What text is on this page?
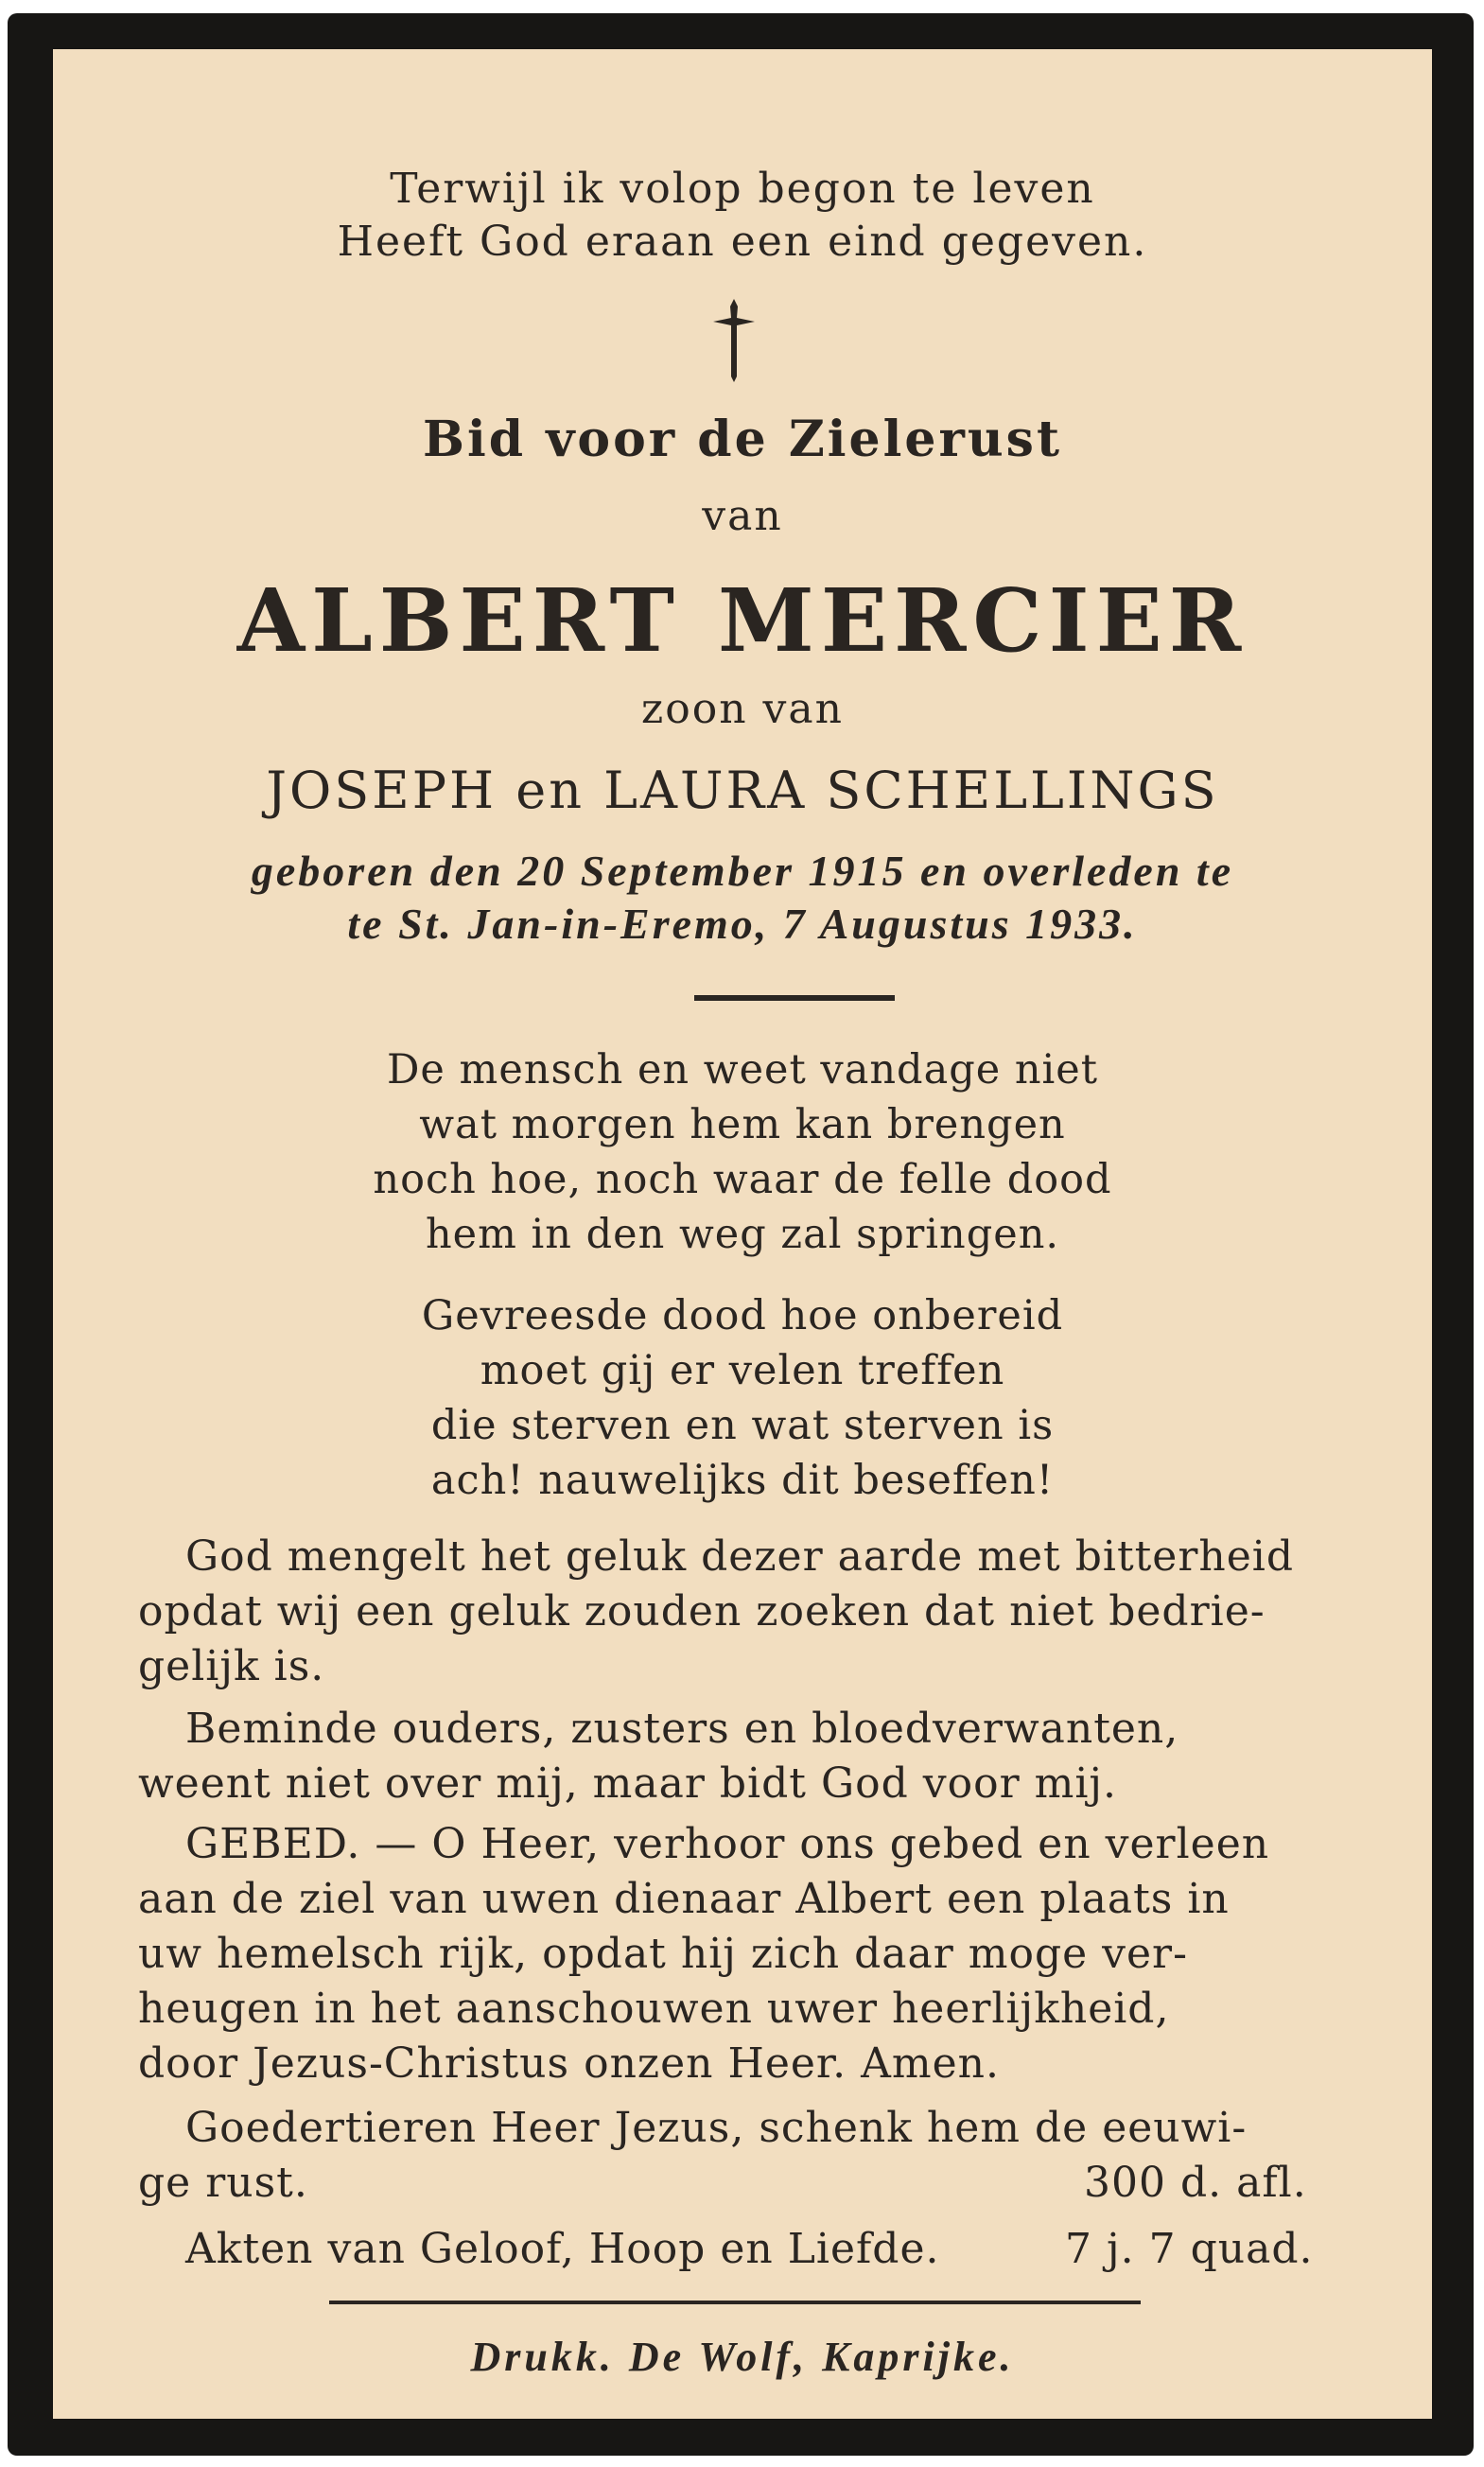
Terwijl ik volop begon te leven
Heeft God eraan een eind gegeven.
Bid voor de Zielerust
van
ALBERT MERCIER
zoon van
JOSEPH en LAURA SCHELLINGS
geboren den 20 September 1915 en overleden te
te St. Jan-in-Eremo, 7 Augustus 1933.
De mensch en weet vandage niet
wat morgen hem kan brengen
noch hoe, noch waar de felle dood
hem in den weg zal springen.
Gevreesde dood hoe onbereid
moet gij er velen treffen
die sterven en wat sterven is
ach! nauwelijks dit beseffen!
God mengelt het geluk dezer aarde met bitterheid
opdat wij een geluk zouden zoeken dat niet bedrie-
gelijk is.
Beminde ouders, zusters en bloedverwanten,
weent niet over mij, maar bidt God voor mij.
GEBED. — O Heer, verhoor ons gebed en verleen
aan de ziel van uwen dienaar Albert een plaats in
uw hemelsch rijk, opdat hij zich daar moge ver-
heugen in het aanschouwen uwer heerlijkheid,
door Jezus-Christus onzen Heer. Amen.
Goedertieren Heer Jezus, schenk hem de eeuwi-
ge rust.	300 d. afl.
Akten van Geloof, Hoop en Liefde.	7 j. 7 quad.
Drukk. De Wolf, Kaprijke.
